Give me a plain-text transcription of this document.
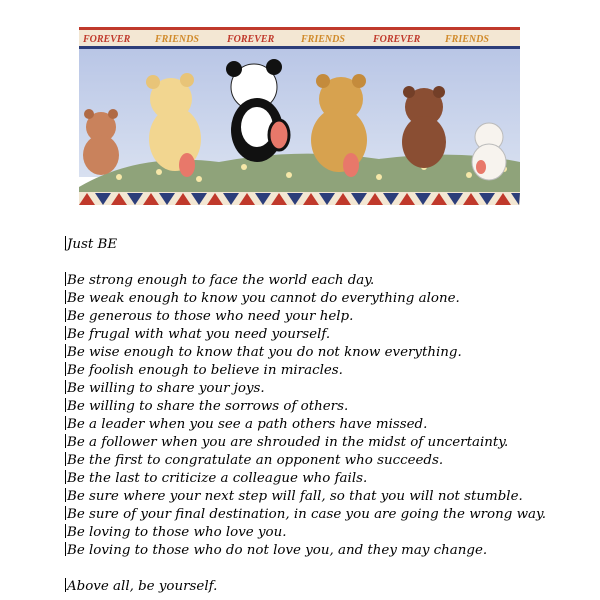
FOREVER FRIENDS	FOREVER	FRIENDS	FOREVER FRIENDS
Just BE
Be strong enough to face the world each day.
Be weak enough to know you cannot do everything alone.
Be generous to those who need your help.
Be frugal with what you need yourself.
Be wise enough to know that you do not know everything.
Be foolish enough to believe in miracles.
Be willing to share your joys.
Be willing to share the sorrows of others.
Be a leader when you see a path others have missed.
Be a follower when you are shrouded in the midst of uncertainty.
Be the first to congratulate an opponent who succeeds.
Be the last to criticize a colleague who fails.
Be sure where your next step will fall, so that you will not stumble.
Be sure of your final destination, in case you are going the wrong way.
Be loving to those who love you.
Be loving to those who do not love you, and they may change.
Above all, be yourself.
